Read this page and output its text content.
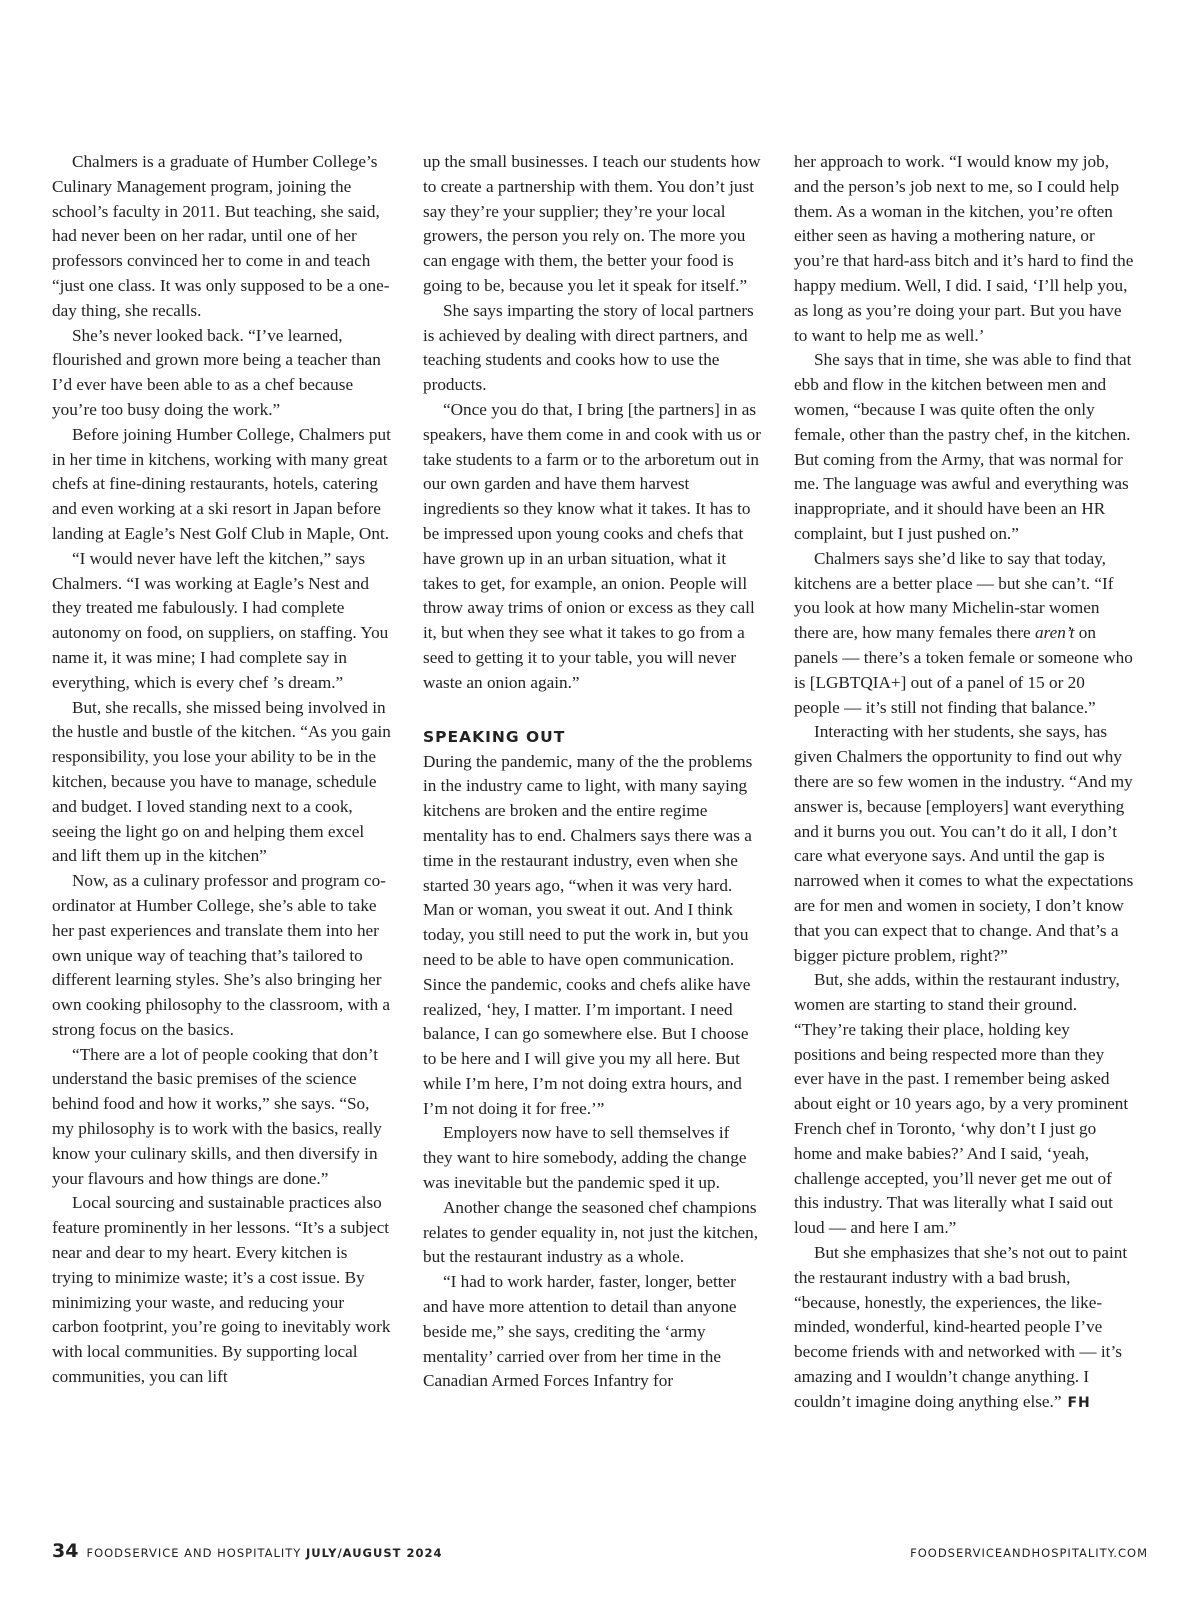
Chalmers is a graduate of Humber College’s Culinary Management program, joining the school’s faculty in 2011. But teaching, she said, had never been on her radar, until one of her professors convinced her to come in and teach “just one class. It was only supposed to be a one-day thing, she recalls.

She’s never looked back. “I’ve learned, flourished and grown more being a teacher than I’d ever have been able to as a chef because you’re too busy doing the work.”

Before joining Humber College, Chalmers put in her time in kitchens, working with many great chefs at fine-dining restaurants, hotels, catering and even working at a ski resort in Japan before landing at Eagle’s Nest Golf Club in Maple, Ont.

“I would never have left the kitchen,” says Chalmers. “I was working at Eagle’s Nest and they treated me fabulously. I had complete autonomy on food, on suppliers, on staffing. You name it, it was mine; I had complete say in everything, which is every chef ’s dream.”

But, she recalls, she missed being involved in the hustle and bustle of the kitchen. “As you gain responsibility, you lose your ability to be in the kitchen, because you have to manage, schedule and budget. I loved standing next to a cook, seeing the light go on and helping them excel and lift them up in the kitchen”

Now, as a culinary professor and program co-ordinator at Humber College, she’s able to take her past experiences and translate them into her own unique way of teaching that’s tailored to different learning styles. She’s also bringing her own cooking philosophy to the classroom, with a strong focus on the basics.

“There are a lot of people cooking that don’t understand the basic premises of the science behind food and how it works,” she says. “So, my philosophy is to work with the basics, really know your culinary skills, and then diversify in your flavours and how things are done.”

Local sourcing and sustainable practices also feature prominently in her lessons. “It’s a subject near and dear to my heart. Every kitchen is trying to minimize waste; it’s a cost issue. By minimizing your waste, and reducing your carbon footprint, you’re going to inevitably work with local communities. By supporting local communities, you can lift

up the small businesses. I teach our students how to create a partnership with them. You don’t just say they’re your supplier; they’re your local growers, the person you rely on. The more you can engage with them, the better your food is going to be, because you let it speak for itself.”

She says imparting the story of local partners is achieved by dealing with direct partners, and teaching students and cooks how to use the products.

“Once you do that, I bring [the partners] in as speakers, have them come in and cook with us or take students to a farm or to the arboretum out in our own garden and have them harvest ingredients so they know what it takes. It has to be impressed upon young cooks and chefs that have grown up in an urban situation, what it takes to get, for example, an onion. People will throw away trims of onion or excess as they call it, but when they see what it takes to go from a seed to getting it to your table, you will never waste an onion again.”

SPEAKING OUT

During the pandemic, many of the the problems in the industry came to light, with many saying kitchens are broken and the entire regime mentality has to end. Chalmers says there was a time in the restaurant industry, even when she started 30 years ago, “when it was very hard. Man or woman, you sweat it out. And I think today, you still need to put the work in, but you need to be able to have open communication. Since the pandemic, cooks and chefs alike have realized, ‘hey, I matter. I’m important. I need balance, I can go somewhere else. But I choose to be here and I will give you my all here. But while I’m here, I’m not doing extra hours, and I’m not doing it for free.’”

Employers now have to sell themselves if they want to hire somebody, adding the change was inevitable but the pandemic sped it up.

Another change the seasoned chef champions relates to gender equality in, not just the kitchen, but the restaurant industry as a whole.

“I had to work harder, faster, longer, better and have more attention to detail than anyone beside me,” she says, crediting the ‘army mentality’ carried over from her time in the Canadian Armed Forces Infantry for

her approach to work. “I would know my job, and the person’s job next to me, so I could help them. As a woman in the kitchen, you’re often either seen as having a mothering nature, or you’re that hard-ass bitch and it’s hard to find the happy medium. Well, I did. I said, ‘I’ll help you, as long as you’re doing your part. But you have to want to help me as well.’

She says that in time, she was able to find that ebb and flow in the kitchen between men and women, “because I was quite often the only female, other than the pastry chef, in the kitchen. But coming from the Army, that was normal for me. The language was awful and everything was inappropriate, and it should have been an HR complaint, but I just pushed on.”

Chalmers says she’d like to say that today, kitchens are a better place — but she can’t. “If you look at how many Michelin-star women there are, how many females there aren’t on panels — there’s a token female or someone who is [LGBTQIA+] out of a panel of 15 or 20 people — it’s still not finding that balance.”

Interacting with her students, she says, has given Chalmers the opportunity to find out why there are so few women in the industry. “And my answer is, because [employers] want everything and it burns you out. You can’t do it all, I don’t care what everyone says. And until the gap is narrowed when it comes to what the expectations are for men and women in society, I don’t know that you can expect that to change. And that’s a bigger picture problem, right?”

But, she adds, within the restaurant industry, women are starting to stand their ground. “They’re taking their place, holding key positions and being respected more than they ever have in the past. I remember being asked about eight or 10 years ago, by a very prominent French chef in Toronto, ‘why don’t I just go home and make babies?’ And I said, ‘yeah, challenge accepted, you’ll never get me out of this industry. That was literally what I said out loud — and here I am.”

But she emphasizes that she’s not out to paint the restaurant industry with a bad brush, “because, honestly, the experiences, the like-minded, wonderful, kind-hearted people I’ve become friends with and networked with — it’s amazing and I wouldn’t change anything. I couldn’t imagine doing anything else.” FH

34 FOODSERVICE AND HOSPITALITY JULY/AUGUST 2024	FOODSERVICEANDHOSPITALITY.COM
